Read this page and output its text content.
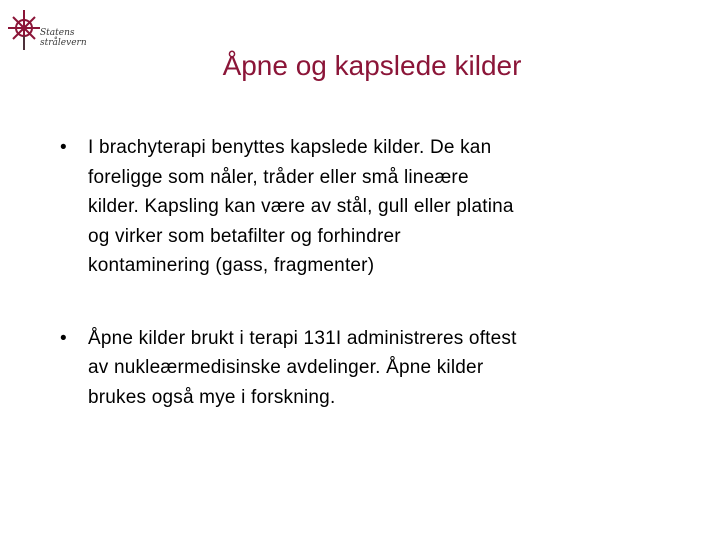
Statens
strålevern
Åpne og kapslede kilder
•	I brachyterapi benyttes kapslede kilder. De kan
foreligge som nåler, tråder eller små lineære
kilder. Kapsling kan være av stål, gull eller platina
og virker som betafilter og forhindrer
kontaminering (gass, fragmenter)
•	Åpne kilder brukt i terapi 131I administreres oftest
av nukleærmedisinske avdelinger. Åpne kilder
brukes også mye i forskning.
